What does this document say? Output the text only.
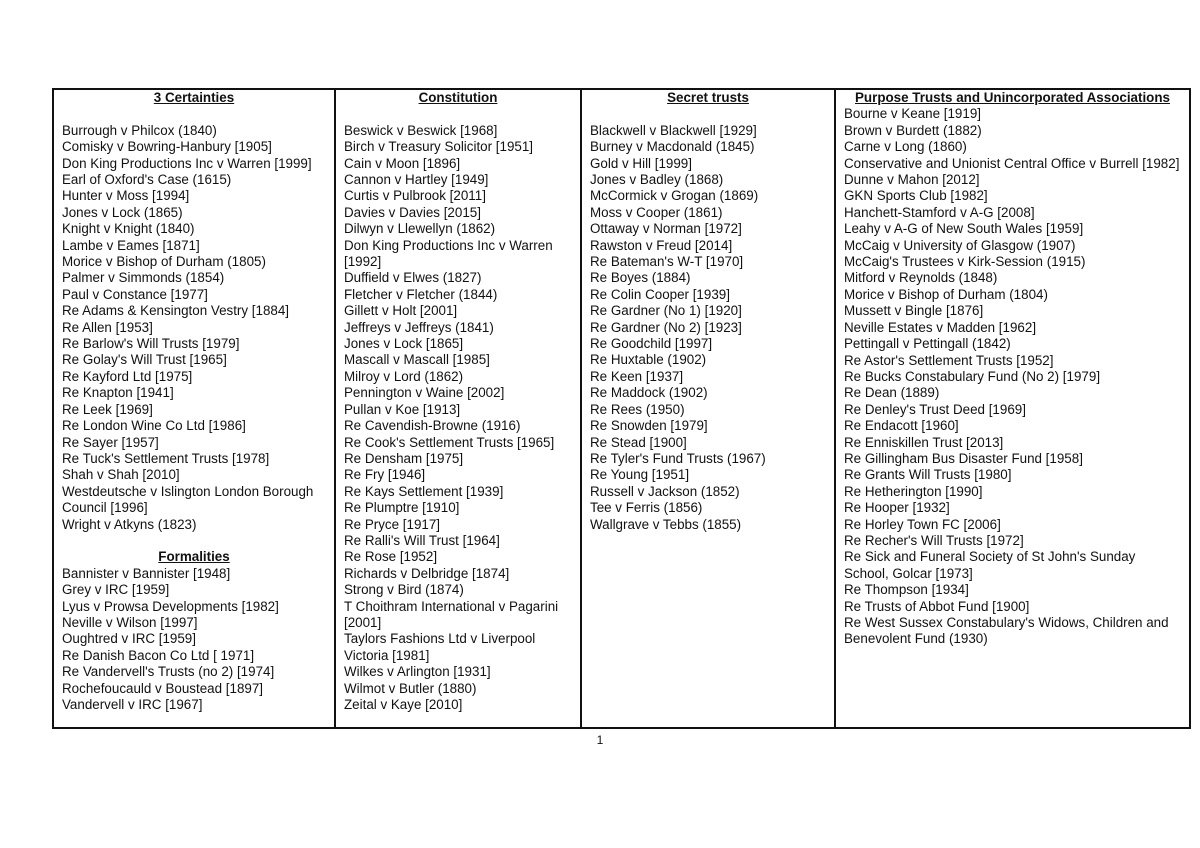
3 Certainties
Burrough v Philcox (1840)
Comisky v Bowring-Hanbury [1905]
Don King Productions Inc v Warren [1999]
Earl of Oxford's Case (1615)
Hunter v Moss [1994]
Jones v Lock (1865)
Knight v Knight (1840)
Lambe v Eames [1871]
Morice v Bishop of Durham (1805)
Palmer v Simmonds (1854)
Paul v Constance [1977]
Re Adams & Kensington Vestry [1884]
Re Allen [1953]
Re Barlow's Will Trusts [1979]
Re Golay's Will Trust [1965]
Re Kayford Ltd [1975]
Re Knapton [1941]
Re Leek [1969]
Re London Wine Co Ltd [1986]
Re Sayer [1957]
Re Tuck's Settlement Trusts [1978]
Shah v Shah [2010]
Westdeutsche v Islington London Borough Council [1996]
Wright v Atkyns (1823)
Formalities
Bannister v Bannister [1948]
Grey v IRC [1959]
Lyus v Prowsa Developments [1982]
Neville v Wilson [1997]
Oughtred v IRC [1959]
Re Danish Bacon Co Ltd [ 1971]
Re Vandervell's Trusts (no 2) [1974]
Rochefoucauld v Boustead [1897]
Vandervell v IRC [1967]

Constitution
Beswick v Beswick [1968]
Birch v Treasury Solicitor [1951]
Cain v Moon [1896]
Cannon v Hartley [1949]
Curtis v Pulbrook [2011]
Davies v Davies [2015]
Dilwyn v Llewellyn (1862)
Don King Productions Inc v Warren [1992]
Duffield v Elwes (1827)
Fletcher v Fletcher (1844)
Gillett v Holt [2001]
Jeffreys v Jeffreys (1841)
Jones v Lock [1865]
Mascall v Mascall [1985]
Milroy v Lord (1862)
Pennington v Waine [2002]
Pullan v Koe [1913]
Re Cavendish-Browne (1916)
Re Cook's Settlement Trusts [1965]
Re Densham [1975]
Re Fry [1946]
Re Kays Settlement [1939]
Re Plumptre [1910]
Re Pryce [1917]
Re Ralli's Will Trust [1964]
Re Rose [1952]
Richards v Delbridge [1874]
Strong v Bird (1874)
T Choithram International v Pagarini [2001]
Taylors Fashions Ltd v Liverpool Victoria [1981]
Wilkes v Arlington [1931]
Wilmot v Butler (1880)
Zeital v Kaye [2010]

Secret trusts
Blackwell v Blackwell [1929]
Burney v Macdonald (1845)
Gold v Hill [1999]
Jones v Badley (1868)
McCormick v Grogan (1869)
Moss v Cooper (1861)
Ottaway v Norman [1972]
Rawston v Freud [2014]
Re Bateman's W-T [1970]
Re Boyes (1884)
Re Colin Cooper [1939]
Re Gardner (No 1) [1920]
Re Gardner (No 2) [1923]
Re Goodchild [1997]
Re Huxtable (1902)
Re Keen [1937]
Re Maddock (1902)
Re Rees (1950)
Re Snowden [1979]
Re Stead [1900]
Re Tyler's Fund Trusts (1967)
Re Young [1951]
Russell v Jackson (1852)
Tee v Ferris (1856)
Wallgrave v Tebbs (1855)

Purpose Trusts and Unincorporated Associations
Bourne v Keane [1919]
Brown v Burdett (1882)
Carne v Long (1860)
Conservative and Unionist Central Office v Burrell [1982]
Dunne v Mahon [2012]
GKN Sports Club [1982]
Hanchett-Stamford v A-G [2008]
Leahy v A-G of New South Wales [1959]
McCaig v University of Glasgow (1907)
McCaig's Trustees v Kirk-Session (1915)
Mitford v Reynolds (1848)
Morice v Bishop of Durham (1804)
Mussett v Bingle [1876]
Neville Estates v Madden [1962]
Pettingall v Pettingall (1842)
Re Astor's Settlement Trusts [1952]
Re Bucks Constabulary Fund (No 2) [1979]
Re Dean (1889)
Re Denley's Trust Deed [1969]
Re Endacott [1960]
Re Enniskillen Trust [2013]
Re Gillingham Bus Disaster Fund [1958]
Re Grants Will Trusts [1980]
Re Hetherington [1990]
Re Hooper [1932]
Re Horley Town FC [2006]
Re Recher's Will Trusts [1972]
Re Sick and Funeral Society of St John's Sunday School, Golcar [1973]
Re Thompson [1934]
Re Trusts of Abbot Fund [1900]
Re West Sussex Constabulary's Widows, Children and Benevolent Fund (1930)
1
